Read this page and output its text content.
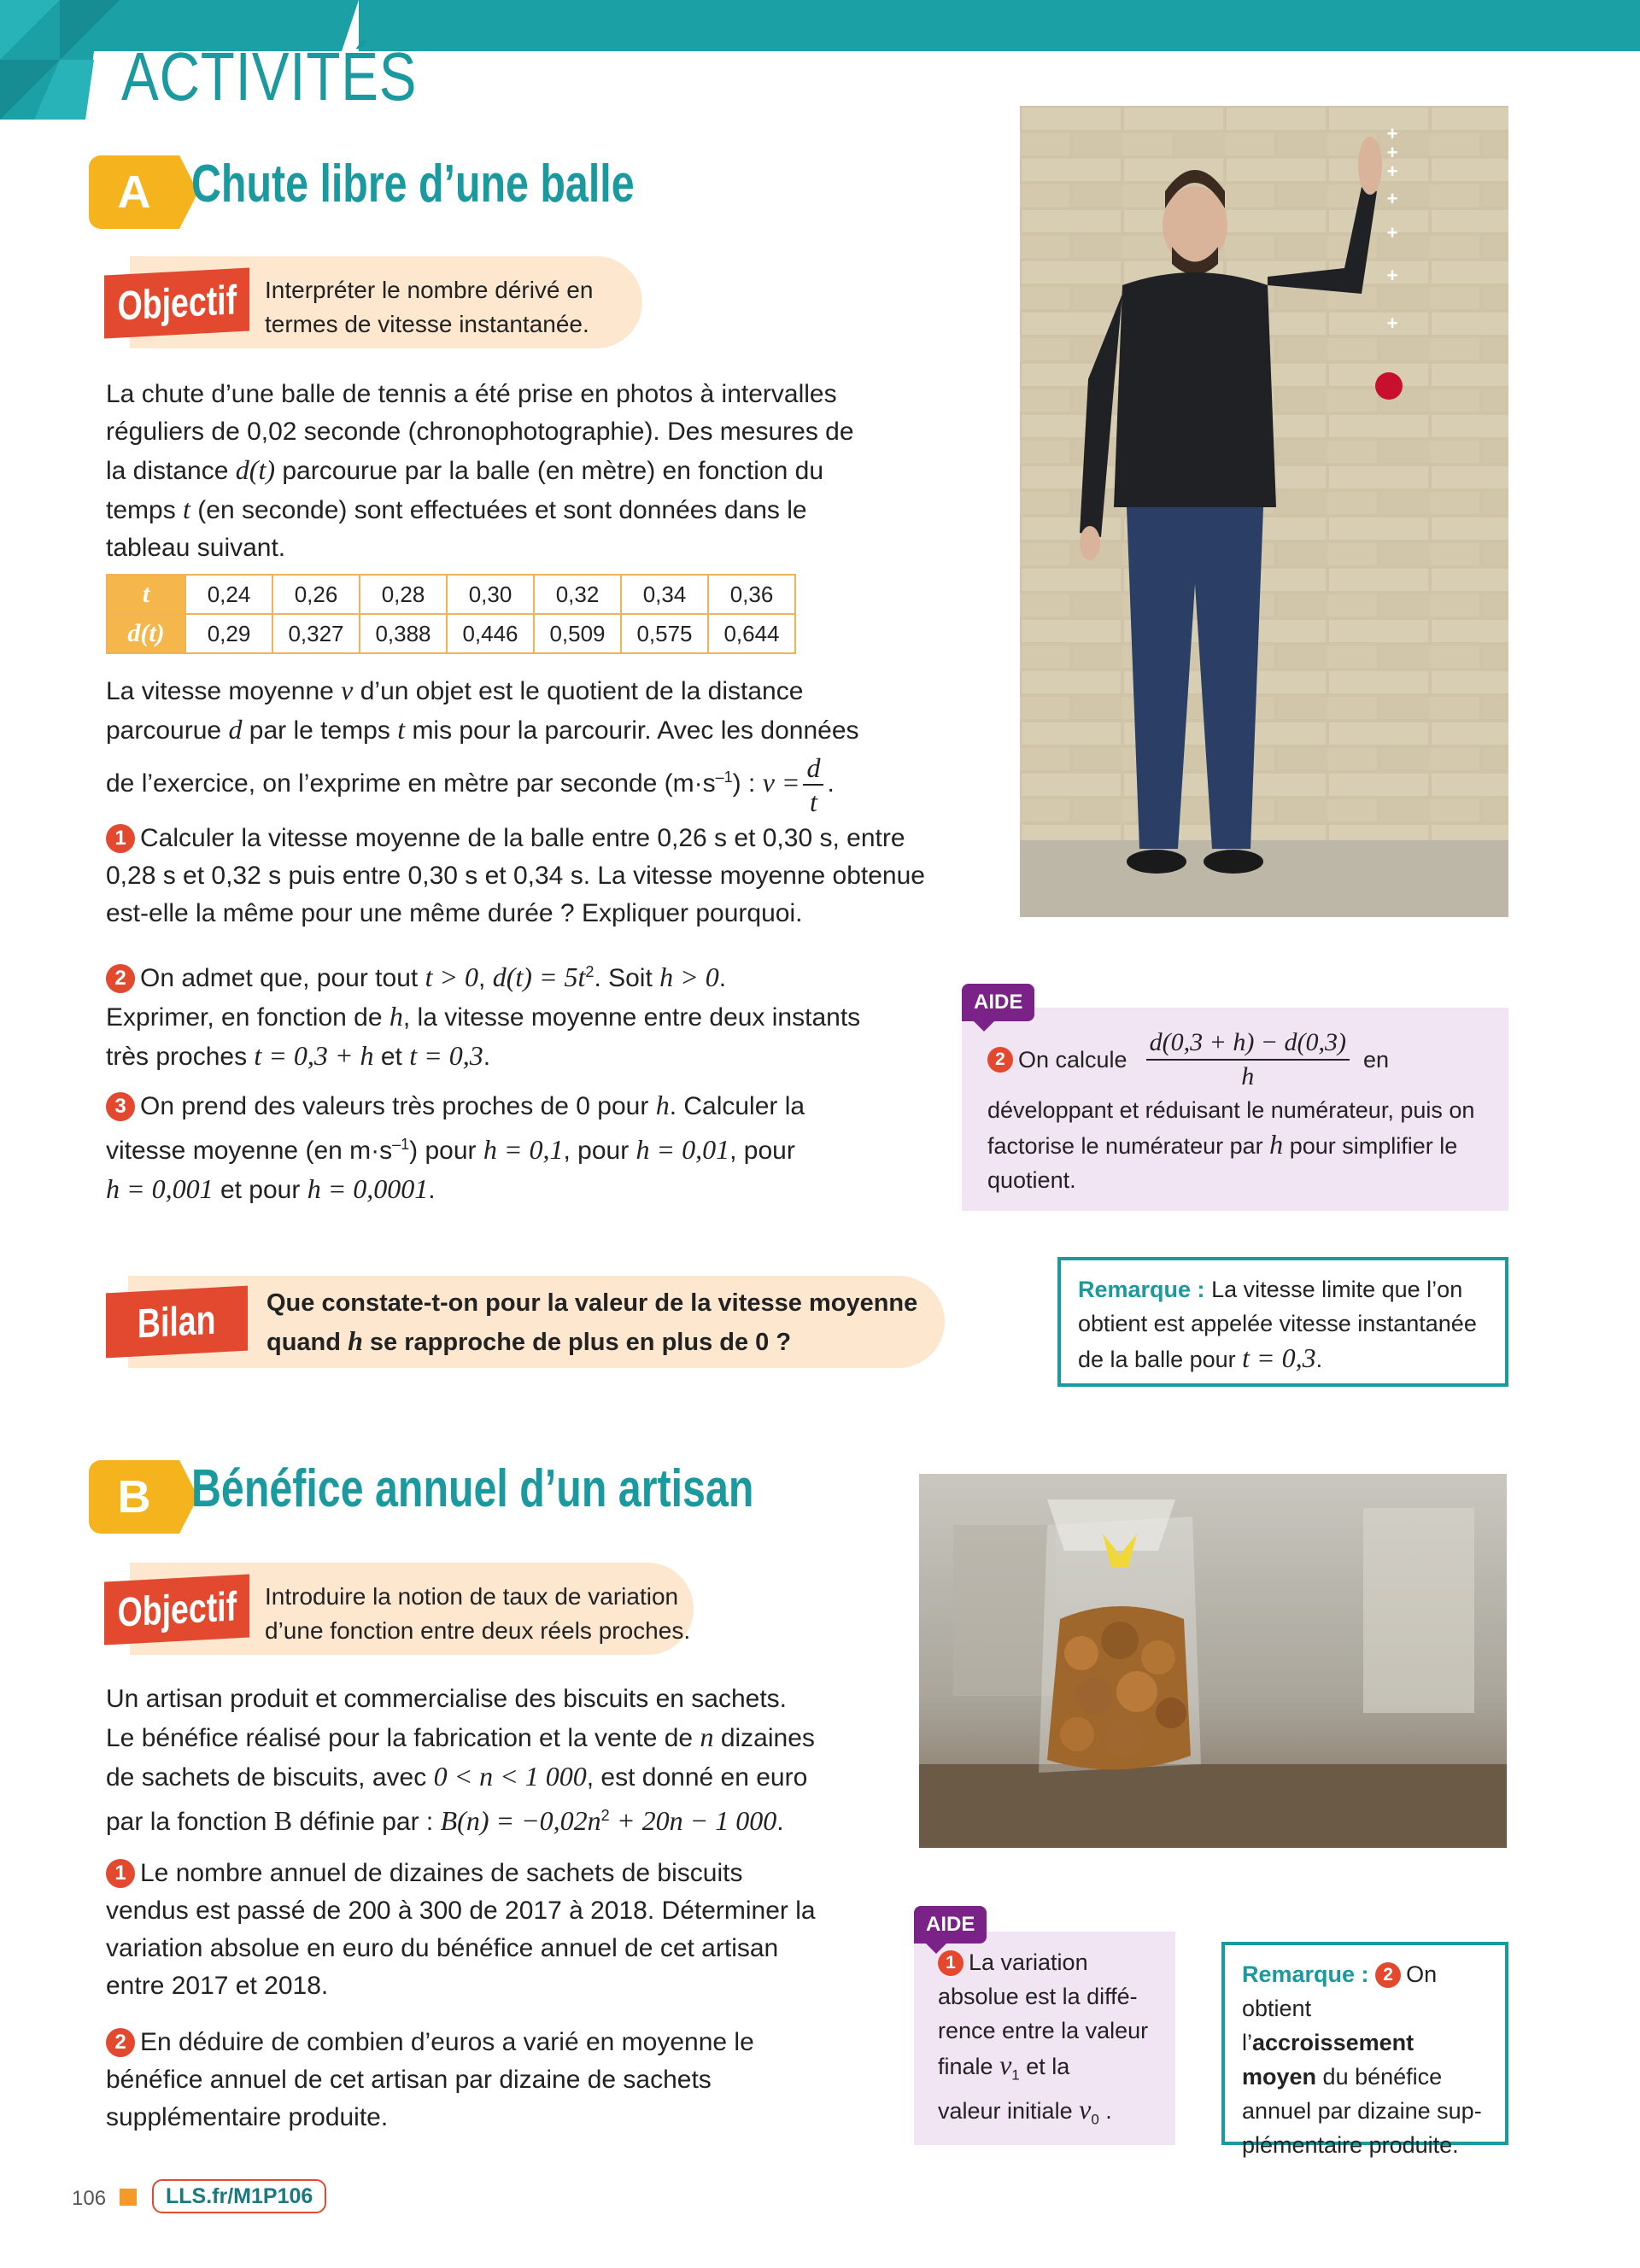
ACTIVITÉS
A Chute libre d’une balle
Objectif Interpréter le nombre dérivé en
termes de vitesse instantanée.
La chute d’une balle de tennis a été prise en photos à intervalles
réguliers de 0,02 seconde (chronophotographie). Des mesures de
la distance d(t) parcourue par la balle (en mètre) en fonction du
temps t (en seconde) sont effectuées et sont données dans le
tableau suivant.
t	0,24	0,26	0,28	0,30	0,32	0,34	0,36
d(t)	0,29	0,327	0,388	0,446	0,509	0,575	0,644
La vitesse moyenne v d’un objet est le quotient de la distance
parcourue d par le temps t mis pour la parcourir. Avec les données
de l’exercice, on l’exprime en mètre par seconde $(m\cdot s^{-1})$ : $v = \frac{d}{t}$ .
1 Calculer la vitesse moyenne de la balle entre 0,26 s et 0,30 s, entre
0,28 s et 0,32 s puis entre 0,30 s et 0,34 s. La vitesse moyenne obtenue
est-elle la même pour une même durée ? Expliquer pourquoi.
2 On admet que, pour tout t > 0, $d(t) = 5t^2$. Soit h > 0.
Exprimer, en fonction de h, la vitesse moyenne entre deux instants
très proches t = 0,3 + h et t = 0,3.
3 On prend des valeurs très proches de 0 pour h. Calculer la
vitesse moyenne (en $m\cdot s^{-1}$) pour h = 0,1, pour h = 0,01, pour
h = 0,001 et pour h = 0,0001.
+
+
+
+
+
+
+
2 On calcule $\frac{d(0,3 + h) - d(0,3)}{h}$ en
développant et réduisant le numérateur, puis on
factorise le numérateur par h pour simplifier le
quotient.
AIDE
Bilan Que constate-t-on pour la valeur de la vitesse moyenne
quand h se rapproche de plus en plus de 0 ?
Remarque : La vitesse limite que l’on
obtient est appelée vitesse instantanée
de la balle pour t = 0,3.
B Bénéfice annuel d’un artisan
Objectif Introduire la notion de taux de variation
d’une fonction entre deux réels proches.
Un artisan produit et commercialise des biscuits en sachets.
Le bénéfice réalisé pour la fabrication et la vente de n dizaines
de sachets de biscuits, avec 0 < n < 1 000, est donné en euro
par la fonction B définie par : $B(n) = -0,02n^2 + 20n - 1$ 000.
1 Le nombre annuel de dizaines de sachets de biscuits
vendus est passé de 200 à 300 de 2017 à 2018. Déterminer la
variation absolue en euro du bénéfice annuel de cet artisan
entre 2017 et 2018.
2 En déduire de combien d’euros a varié en moyenne le
bénéfice annuel de cet artisan par dizaine de sachets
supplémentaire produite.
1 La variation
absolue est la diffé-
rence entre la valeur
finale $v_1$ et la
valeur initiale $v_0$ .
AIDE
Remarque : 2 On
obtient l’accroissement
moyen du bénéfice
annuel par dizaine sup-
plémentaire produite.
106	LLS.fr/M1P106
